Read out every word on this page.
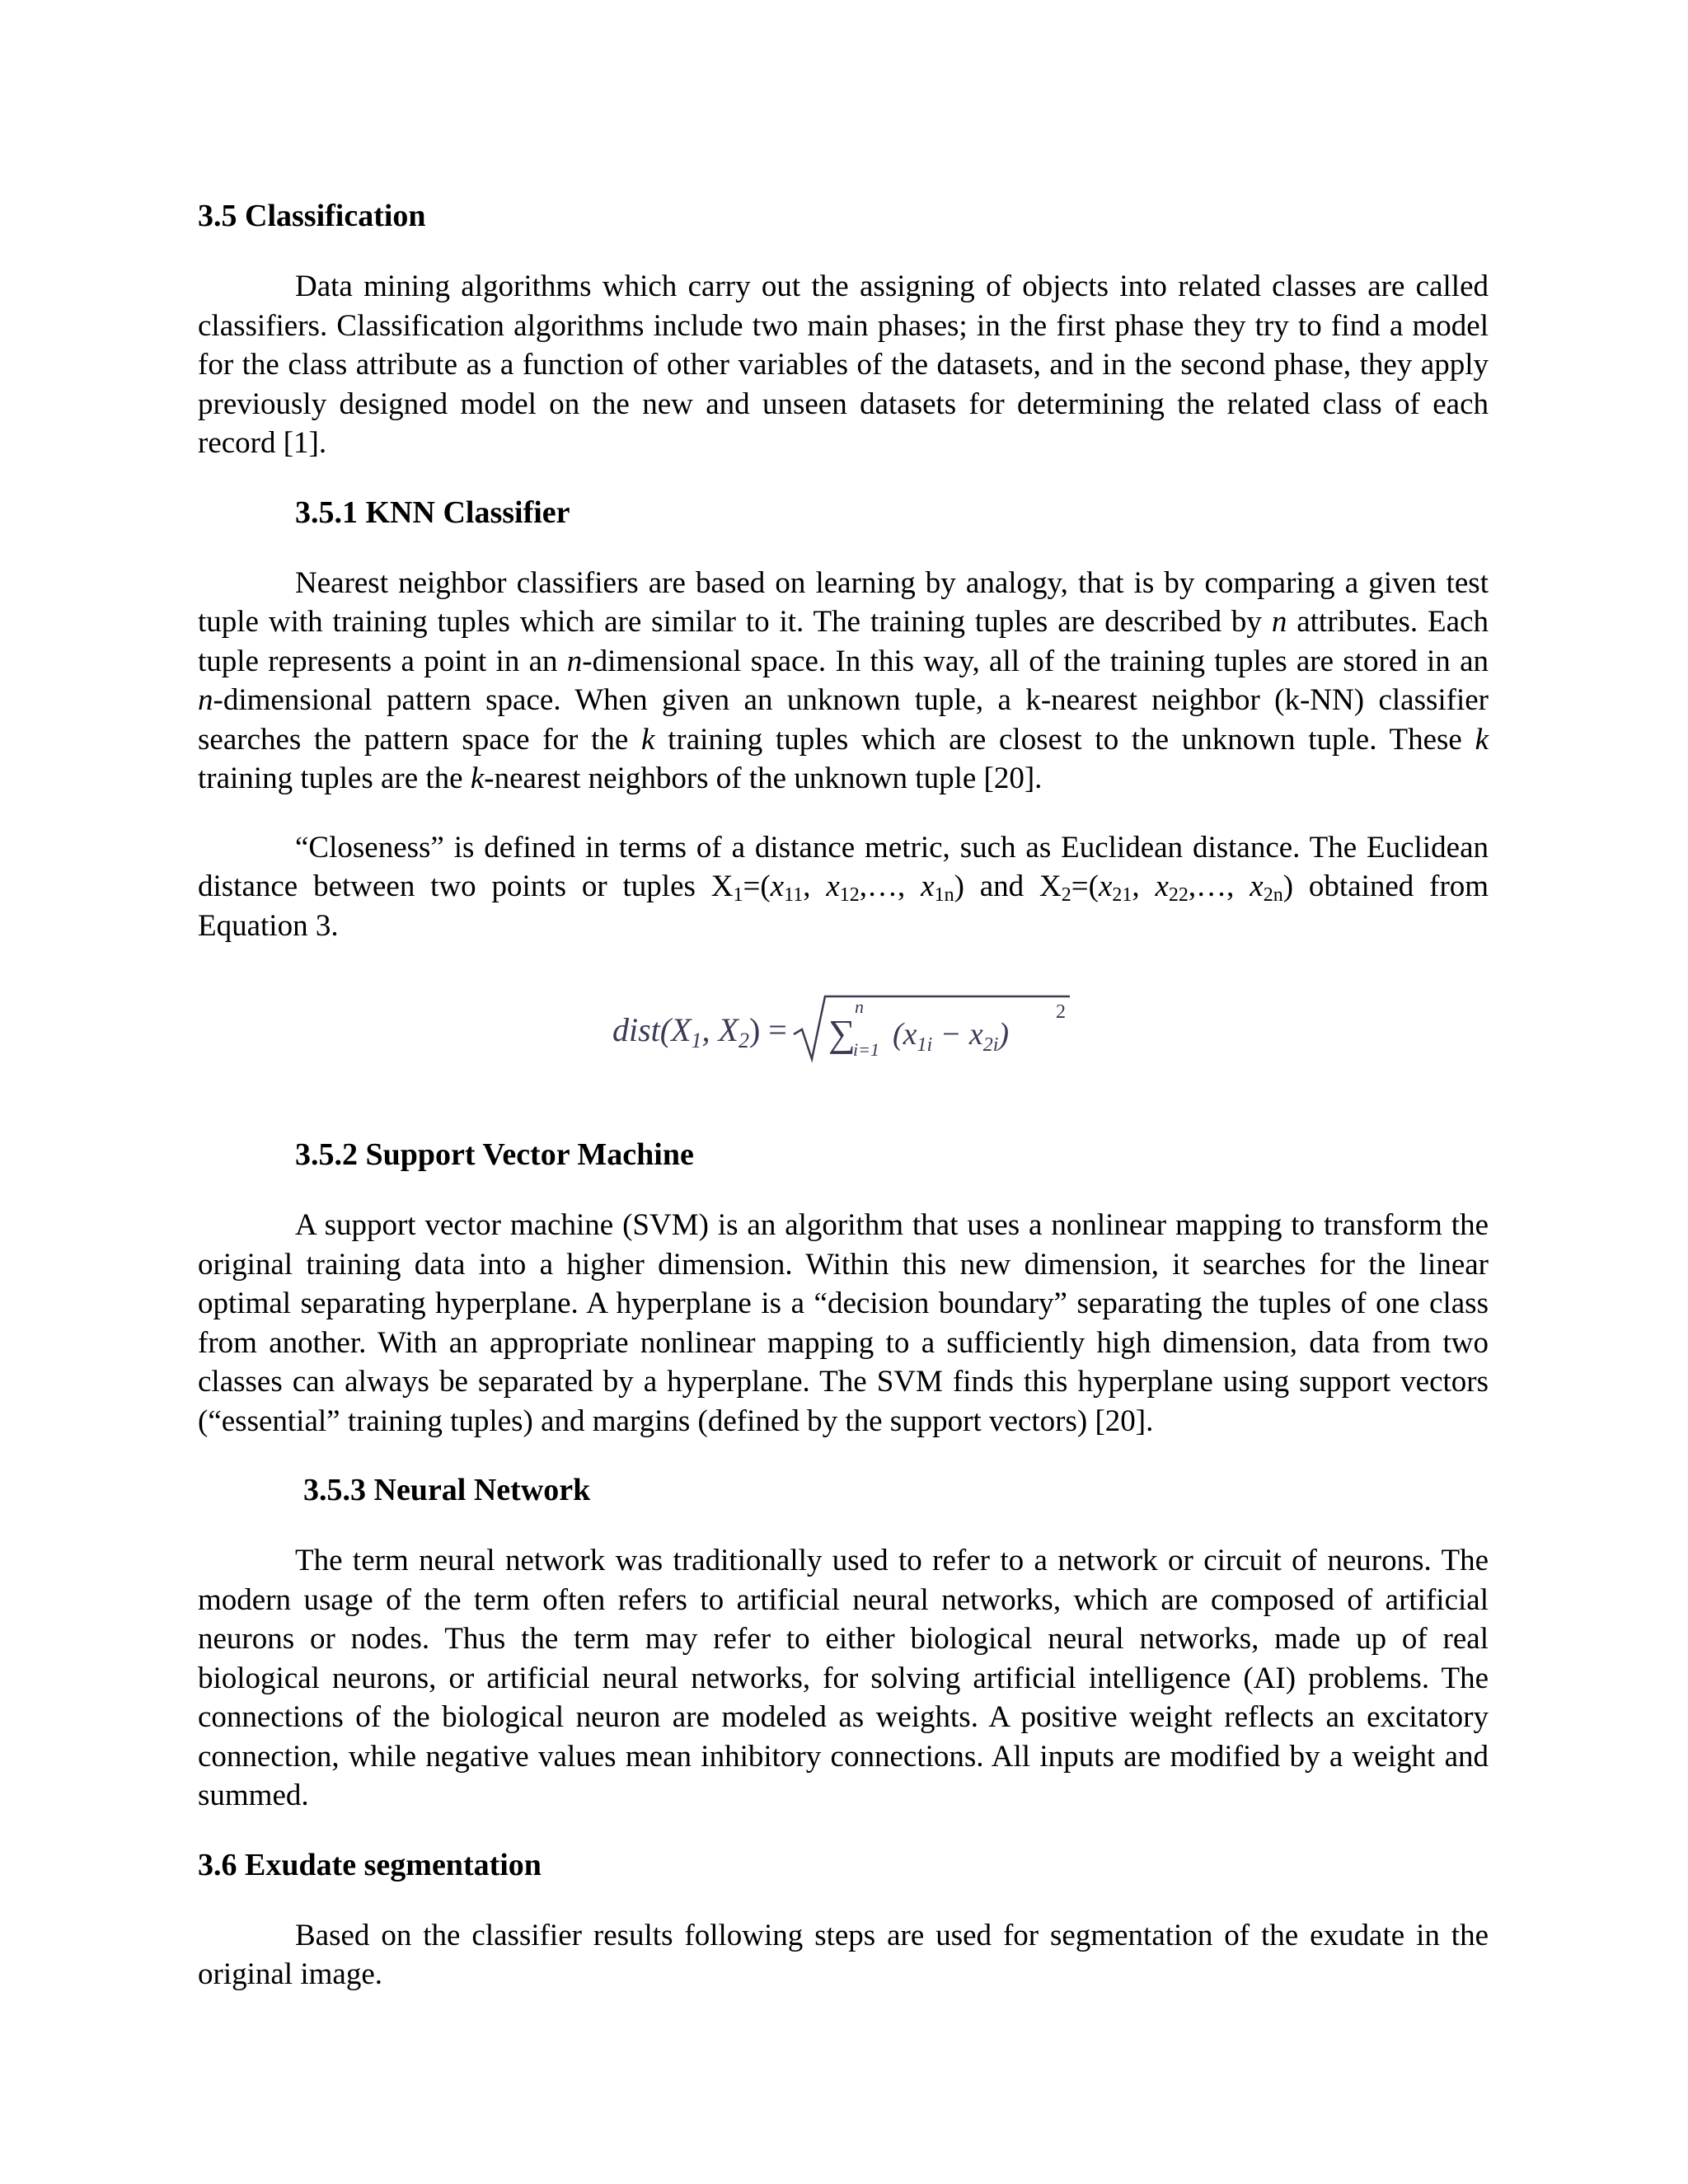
3.5 Classification

Data mining algorithms which carry out the assigning of objects into related classes are called classifiers. Classification algorithms include two main phases; in the first phase they try to find a model for the class attribute as a function of other variables of the datasets, and in the second phase, they apply previously designed model on the new and unseen datasets for determining the related class of each record [1].

3.5.1 KNN Classifier

Nearest neighbor classifiers are based on learning by analogy, that is by comparing a given test tuple with training tuples which are similar to it. The training tuples are described by n attributes. Each tuple represents a point in an n-dimensional space. In this way, all of the training tuples are stored in an n-dimensional pattern space. When given an unknown tuple, a k-nearest neighbor (k-NN) classifier searches the pattern space for the k training tuples which are closest to the unknown tuple. These k training tuples are the k-nearest neighbors of the unknown tuple [20].

“Closeness” is defined in terms of a distance metric, such as Euclidean distance. The Euclidean distance between two points or tuples $X_1=(x_{11}$, $x_{12},\dots$, $x_{1n}$) and $X_2=(x_{21}$, $x_{22},\dots$, $x_{2n}$) obtained from Equation 3.

$dist(X_1$, $X_2$) = ∑
n
i=1 $(x_{1i} - x_{2i})$
2
3.5.2 Support Vector Machine

A support vector machine (SVM) is an algorithm that uses a nonlinear mapping to transform the original training data into a higher dimension. Within this new dimension, it searches for the linear optimal separating hyperplane. A hyperplane is a “decision boundary” separating the tuples of one class from another. With an appropriate nonlinear mapping to a sufficiently high dimension, data from two classes can always be separated by a hyperplane. The SVM finds this hyperplane using support vectors (“essential” training tuples) and margins (defined by the support vectors) [20].

3.5.3 Neural Network

The term neural network was traditionally used to refer to a network or circuit of neurons. The modern usage of the term often refers to artificial neural networks, which are composed of artificial neurons or nodes. Thus the term may refer to either biological neural networks, made up of real biological neurons, or artificial neural networks, for solving artificial intelligence (AI) problems. The connections of the biological neuron are modeled as weights. A positive weight reflects an excitatory connection, while negative values mean inhibitory connections. All inputs are modified by a weight and summed.

3.6 Exudate segmentation

Based on the classifier results following steps are used for segmentation of the exudate in the original image.
